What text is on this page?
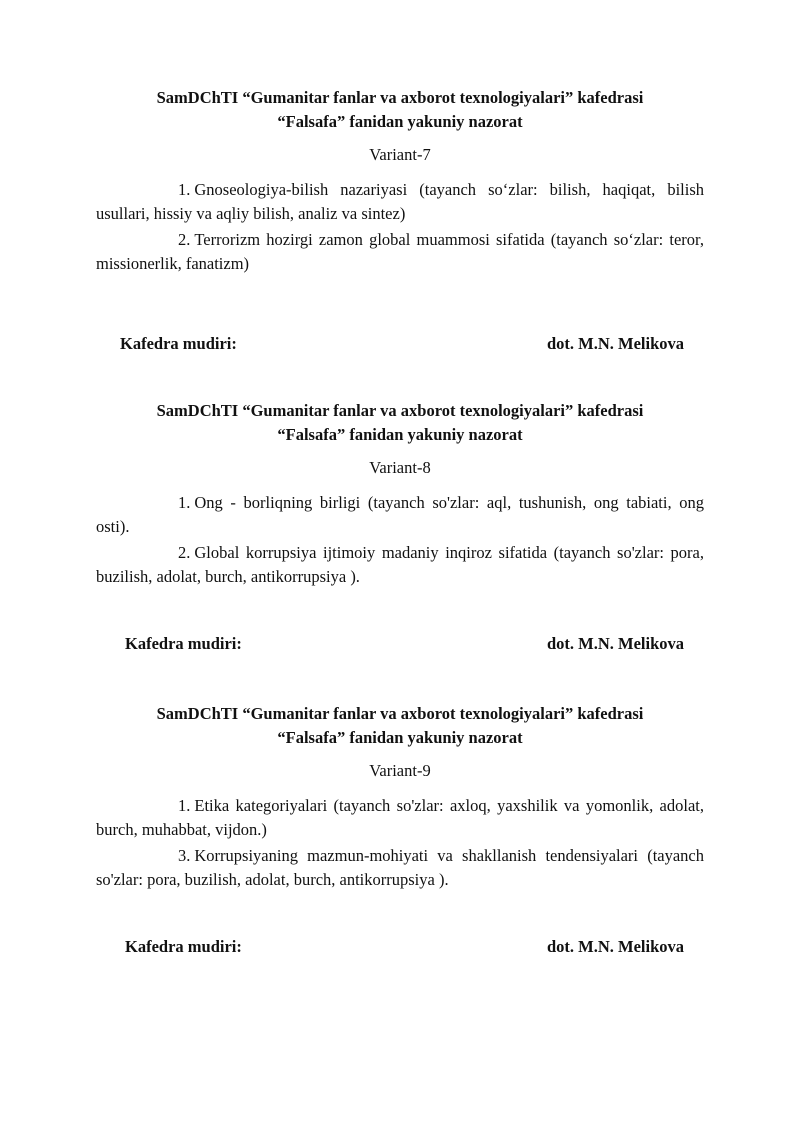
SamDChTI “Gumanitar fanlar va axborot texnologiyalari” kafedrasi
“Falsafa” fanidan yakuniy nazorat

Variant-7

1. Gnoseologiya-bilish nazariyasi (tayanch so‘zlar: bilish, haqiqat, bilish usullari, hissiy va aqliy bilish, analiz va sintez)

2. Terrorizm hozirgi zamon global muammosi sifatida (tayanch so‘zlar: teror, missionerlik, fanatizm)

Kafedra mudiri:	dot. M.N. Melikova

SamDChTI “Gumanitar fanlar va axborot texnologiyalari” kafedrasi
“Falsafa” fanidan yakuniy nazorat

Variant-8

1. Ong - borliqning birligi (tayanch so'zlar: aql, tushunish, ong tabiati, ong osti).

2. Global korrupsiya ijtimoiy madaniy inqiroz sifatida (tayanch so'zlar: pora, buzilish, adolat, burch, antikorrupsiya ).

Kafedra mudiri:	dot. M.N. Melikova

SamDChTI “Gumanitar fanlar va axborot texnologiyalari” kafedrasi
“Falsafa” fanidan yakuniy nazorat

Variant-9

1. Etika kategoriyalari (tayanch so'zlar: axloq, yaxshilik va yomonlik, adolat, burch, muhabbat, vijdon.)

3. Korrupsiyaning mazmun-mohiyati va shakllanish tendensiyalari (tayanch so'zlar: pora, buzilish, adolat, burch, antikorrupsiya ).

Kafedra mudiri:	dot. M.N. Melikova
